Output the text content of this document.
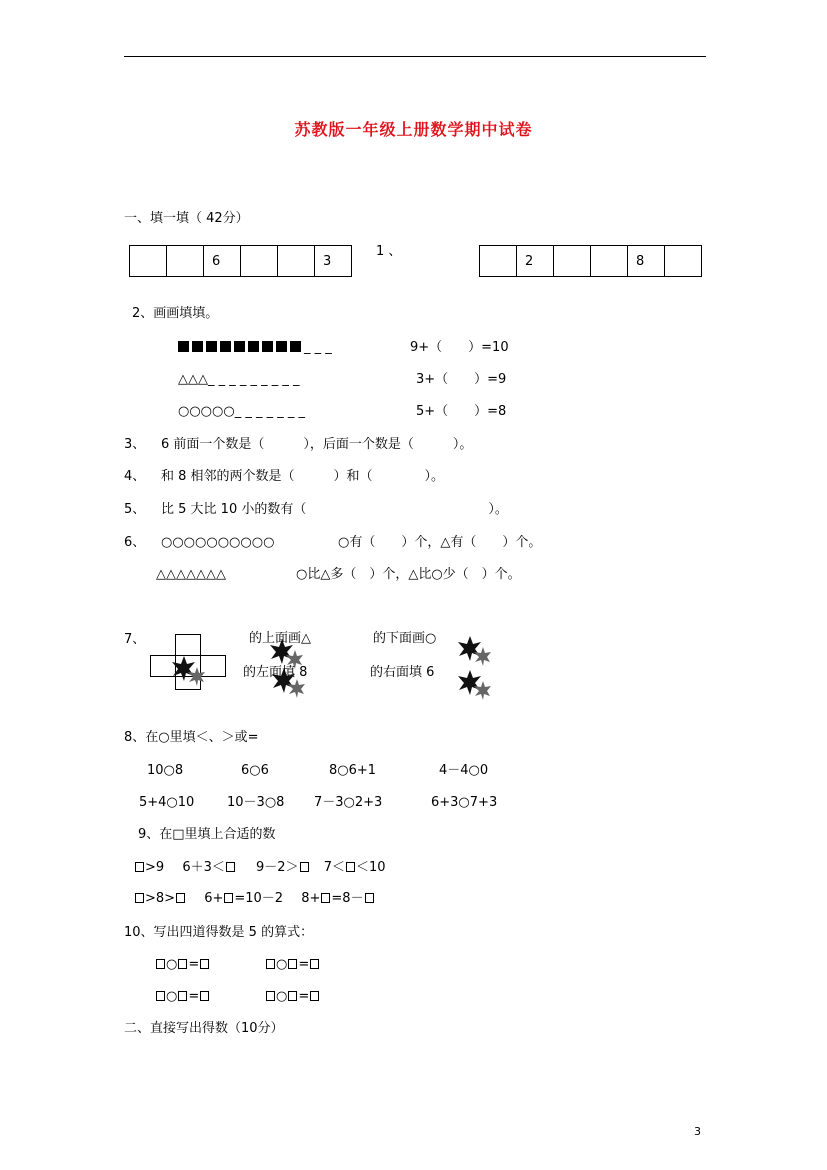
苏教版一年级上册数学期中试卷
一、填一填（ 42分）
		6			3
1 、
	2			8	
2、画画填填。
_ _ _	9+（　　）=10
△△△_ _ _ _ _ _ _ _ _	3+（　　）=9
○○○○○_ _ _ _ _ _ _	5+（　　）=8
3、 6 前面一个数是（　　　），后面一个数是（　　　）。
4、 和 8 相邻的两个数是（　　　）和（　　　　）。
5、 比 5 大比 10 小的数有（　　　　　　　　　　　　　　）。
6、 ○○○○○○○○○○	○有（　　）个，△有（　　）个。
△△△△△△△	○比△多（　）个，△比○少（　）个。
7、	的上面画△	的下面画○
的左面填 8	的右面填 6
8、在○里填＜、＞或=
10○8	6○6	8○6+1	4－4○0
5+4○10	10－3○8 7－3○2+3	6+3○7+3
9、在□里填上合适的数
>9 6＋3＜ 9－2＞ 7＜ ＜10
>8> 6+ =10－2 8+ =8－
10、写出四道得数是 5 的算式：
○ =	○ =
○ =	○ =
二、直接写出得数（10分）
3
